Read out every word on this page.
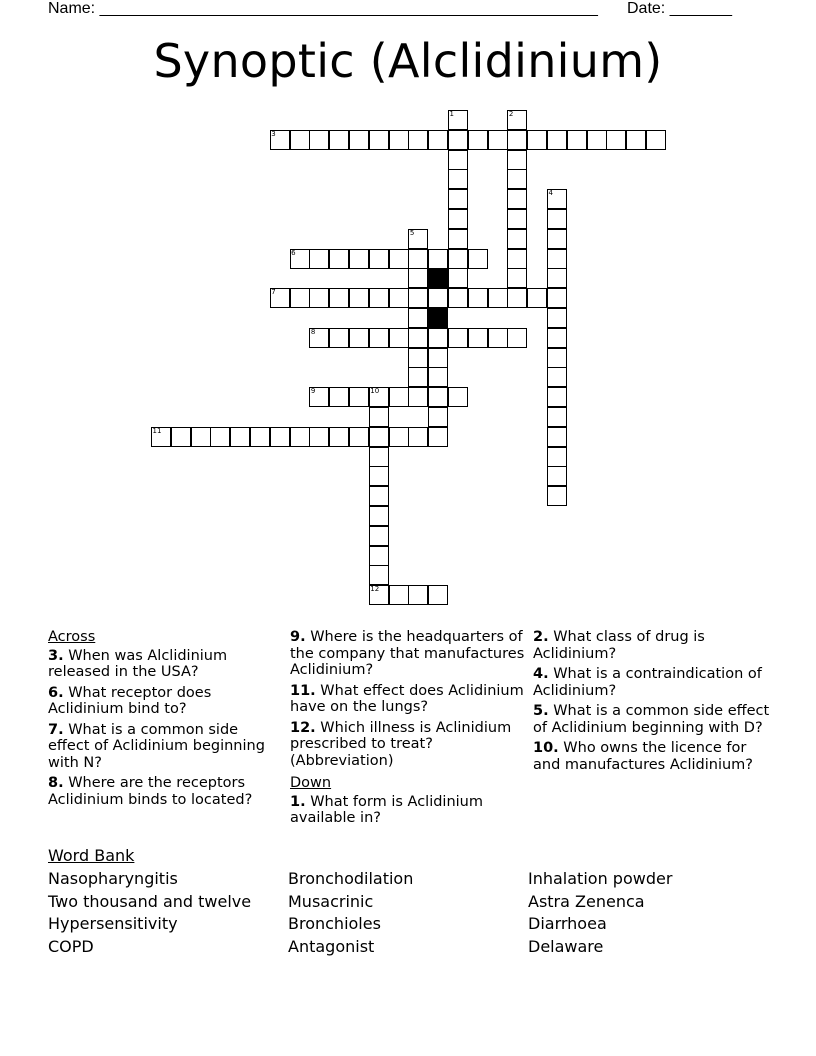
Name: ________________________________________________________ Date: _______
Synoptic (Alclidinium)
1	2
3
4
5
6
7
8
9	10
11
12
Across
3. When was Alclidinium released in the USA?
6. What receptor does Aclidinium bind to?
7. What is a common side effect of Aclidinium beginning with N?
8. Where are the receptors Aclidinium binds to located?
9. Where is the headquarters of the company that manufactures Aclidinium?
11. What effect does Aclidinium have on the lungs?
12. Which illness is Aclinidium prescribed to treat? (Abbreviation)
Down
1. What form is Aclidinium available in?
2. What class of drug is Aclidinium?
4. What is a contraindication of Aclidinium?
5. What is a common side effect of Aclidinium beginning with D?
10. Who owns the licence for and manufactures Aclidinium?
Word Bank
Nasopharyngitis
Two thousand and twelve
Hypersensitivity
COPD
Bronchodilation
Musacrinic
Bronchioles
Antagonist
Inhalation powder
Astra Zenenca
Diarrhoea
Delaware
